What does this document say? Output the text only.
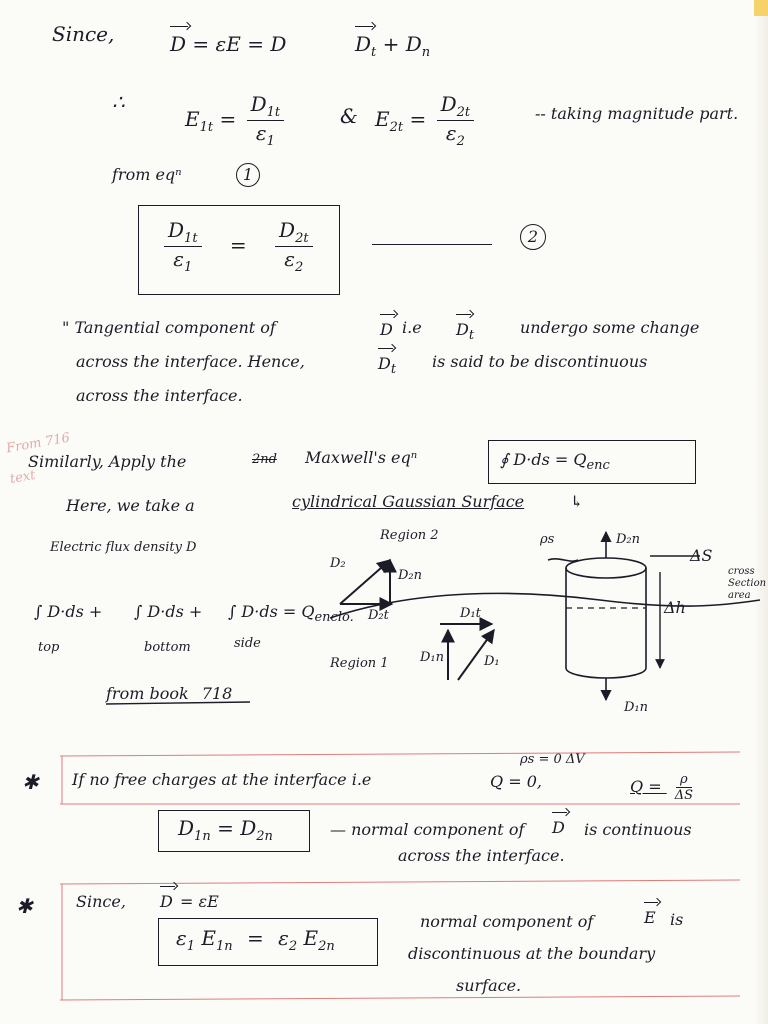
Since,	D = εE = D	$D_t + D_n$
∴
$E_{1t} = \frac{D_{1t}}{\varepsilon_1}$	& $E_{2t} = \frac{D_{2t}}{\varepsilon_2}$	-- taking magnitude part.
from eqⁿ	1
$\frac{D_{1t}}{\varepsilon_1} = \frac{D_{2t}}{\varepsilon_2}$	2
" Tangential component of	D i.e $D_t$	undergo some change
across the interface. Hence,	$D_t$ is said to be discontinuous
across the interface.
From 716
text
Similarly, Apply the	2nd Maxwell's eqⁿ	∮ $D\cdot ds = Q_{enc}$
Here, we take a	cylindrical Gaussian Surface	↳
Electric flux density D
Region 2
D₂
D₂n
D₂t	D₁t
D₁n	D₁
Region 1
ρs	D₂n
ΔS
cross
Section
area
Δh
D₁n
∫ D·ds + ∫ D·ds + ∫ $D\cdot ds = Q_{enclo.}$
top	bottom	side
from book _718
✱ If no free charges at the interface i.e
ρs = 0 ΔV
Q = 0,	$Q = \frac{\rho}{\Delta S}$
$D_{1n} = D_{2n}$	— normal component of D is continuous
across the interface.
✱	Since, D = εE
$\varepsilon_1$ $E_{1n} = \varepsilon_2$ $E_{2n}$
normal component of	E is
discontinuous at the boundary
surface.
